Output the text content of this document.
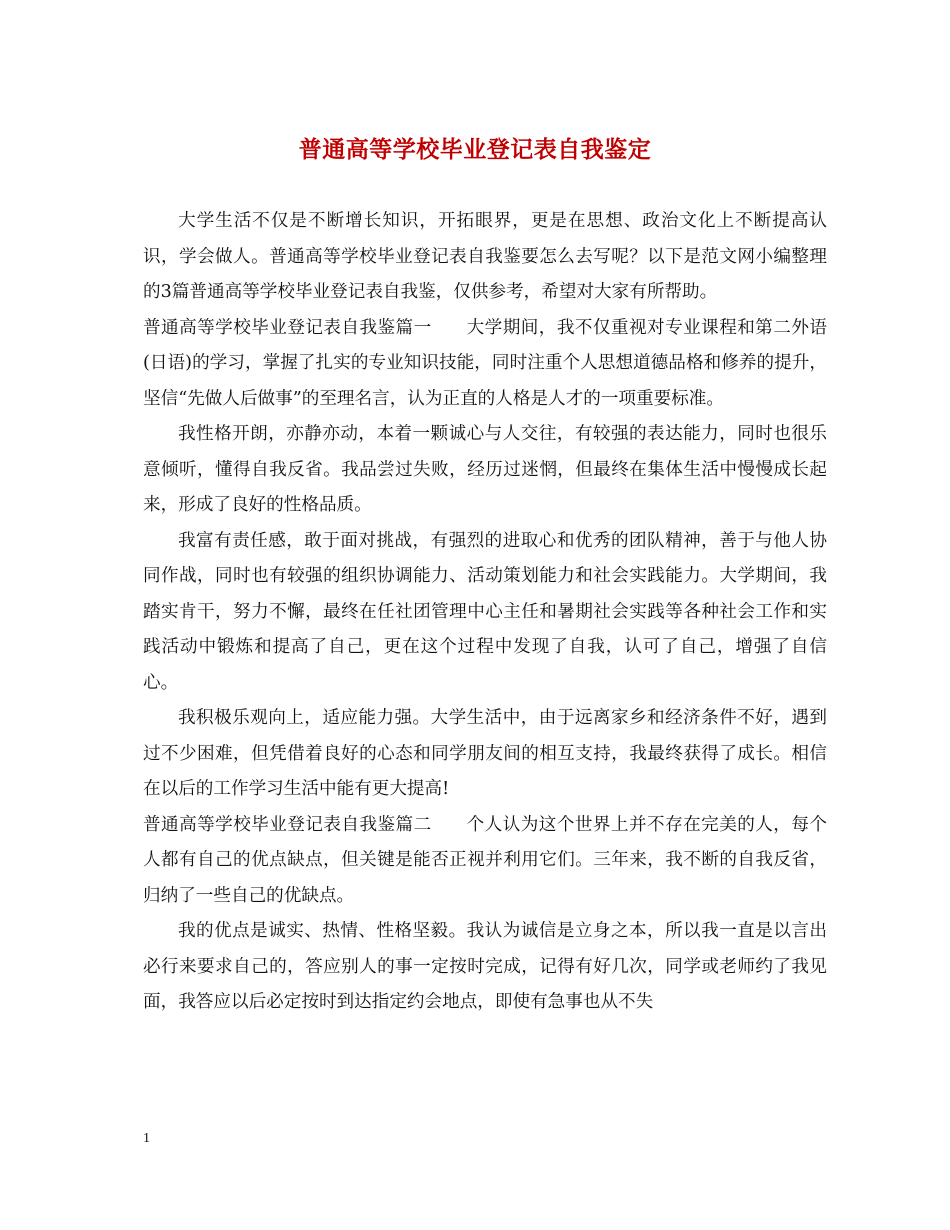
普通高等学校毕业登记表自我鉴定

大学生活不仅是不断增长知识，开拓眼界，更是在思想、政治文化上不断提高认识，学会做人。普通高等学校毕业登记表自我鉴要怎么去写呢？以下是范文网小编整理的3篇普通高等学校毕业登记表自我鉴，仅供参考，希望对大家有所帮助。

普通高等学校毕业登记表自我鉴篇一 大学期间，我不仅重视对专业课程和第二外语(日语)的学习，掌握了扎实的专业知识技能，同时注重个人思想道德品格和修养的提升，坚信“先做人后做事”的至理名言，认为正直的人格是人才的一项重要标准。

我性格开朗，亦静亦动，本着一颗诚心与人交往，有较强的表达能力，同时也很乐意倾听，懂得自我反省。我品尝过失败，经历过迷惘，但最终在集体生活中慢慢成长起来，形成了良好的性格品质。

我富有责任感，敢于面对挑战，有强烈的进取心和优秀的团队精神，善于与他人协同作战，同时也有较强的组织协调能力、活动策划能力和社会实践能力。大学期间，我踏实肯干，努力不懈，最终在任社团管理中心主任和暑期社会实践等各种社会工作和实践活动中锻炼和提高了自己，更在这个过程中发现了自我，认可了自己，增强了自信心。

我积极乐观向上，适应能力强。大学生活中，由于远离家乡和经济条件不好，遇到过不少困难，但凭借着良好的心态和同学朋友间的相互支持，我最终获得了成长。相信在以后的工作学习生活中能有更大提高!

普通高等学校毕业登记表自我鉴篇二 个人认为这个世界上并不存在完美的人，每个人都有自己的优点缺点，但关键是能否正视并利用它们。三年来，我不断的自我反省，归纳了一些自己的优缺点。

我的优点是诚实、热情、性格坚毅。我认为诚信是立身之本，所以我一直是以言出必行来要求自己的，答应别人的事一定按时完成，记得有好几次，同学或老师约了我见面，我答应以后必定按时到达指定约会地点，即使有急事也从不失

1
